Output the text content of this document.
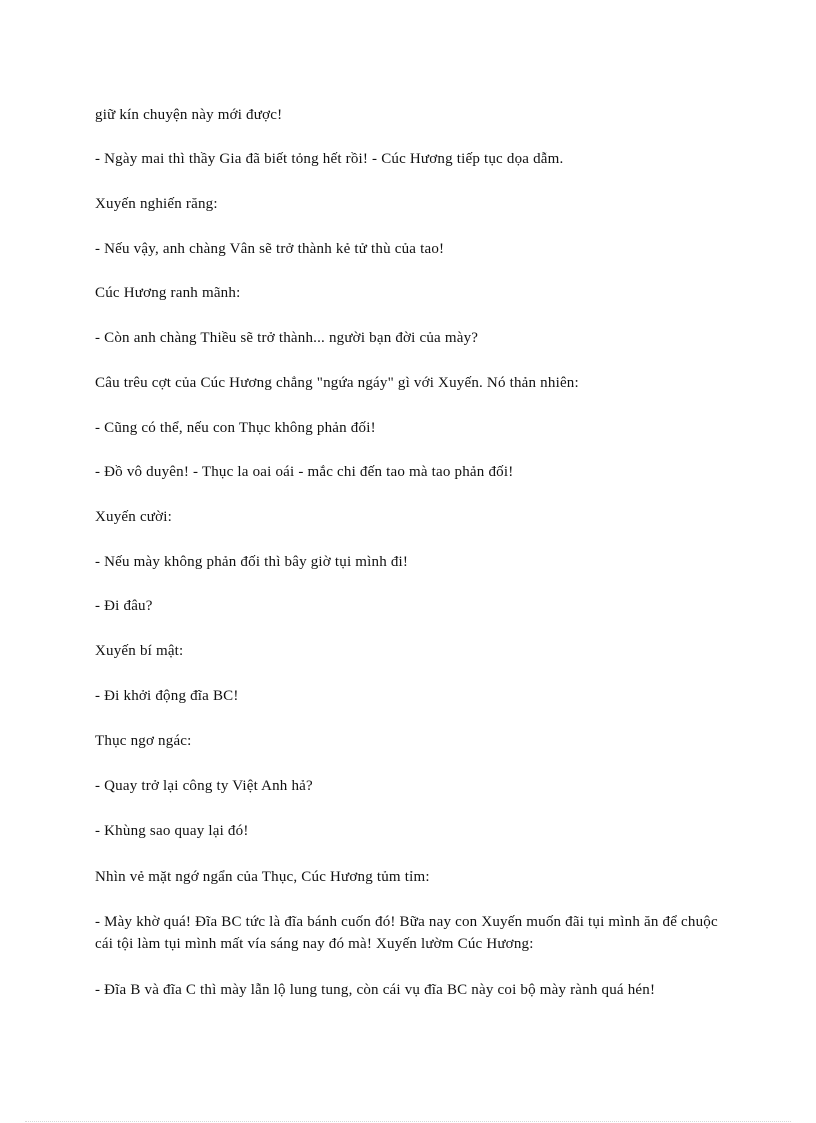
giữ kín chuyện này mới được!

- Ngày mai thì thầy Gia đã biết tỏng hết rồi! - Cúc Hương tiếp tục dọa dẫm.

Xuyến nghiến răng:

- Nếu vậy, anh chàng Vân sẽ trở thành kẻ tử thù của tao!

Cúc Hương ranh mãnh:

- Còn anh chàng Thiều sẽ trở thành... người bạn đời của mày?

Câu trêu cợt của Cúc Hương chẳng "ngứa ngáy" gì với Xuyến. Nó thản nhiên:

- Cũng có thể, nếu con Thục không phản đối!

- Đồ vô duyên! - Thục la oai oái - mắc chi đến tao mà tao phản đối!

Xuyến cười:

- Nếu mày không phản đối thì bây giờ tụi mình đi!

- Đi đâu?

Xuyến bí mật:

- Đi khởi động đĩa BC!

Thục ngơ ngác:

- Quay trở lại công ty Việt Anh hả?

- Khùng sao quay lại đó!

Nhìn vẻ mặt ngớ ngẩn của Thục, Cúc Hương tủm tỉm:

- Mày khờ quá! Đĩa BC tức là đĩa bánh cuốn đó! Bữa nay con Xuyến muốn đãi tụi mình ăn để chuộc cái tội làm tụi mình mất vía sáng nay đó mà! Xuyến lườm Cúc Hương:

- Đĩa B và đĩa C thì mày lẫn lộ lung tung, còn cái vụ đĩa BC này coi bộ mày rành quá hén!
